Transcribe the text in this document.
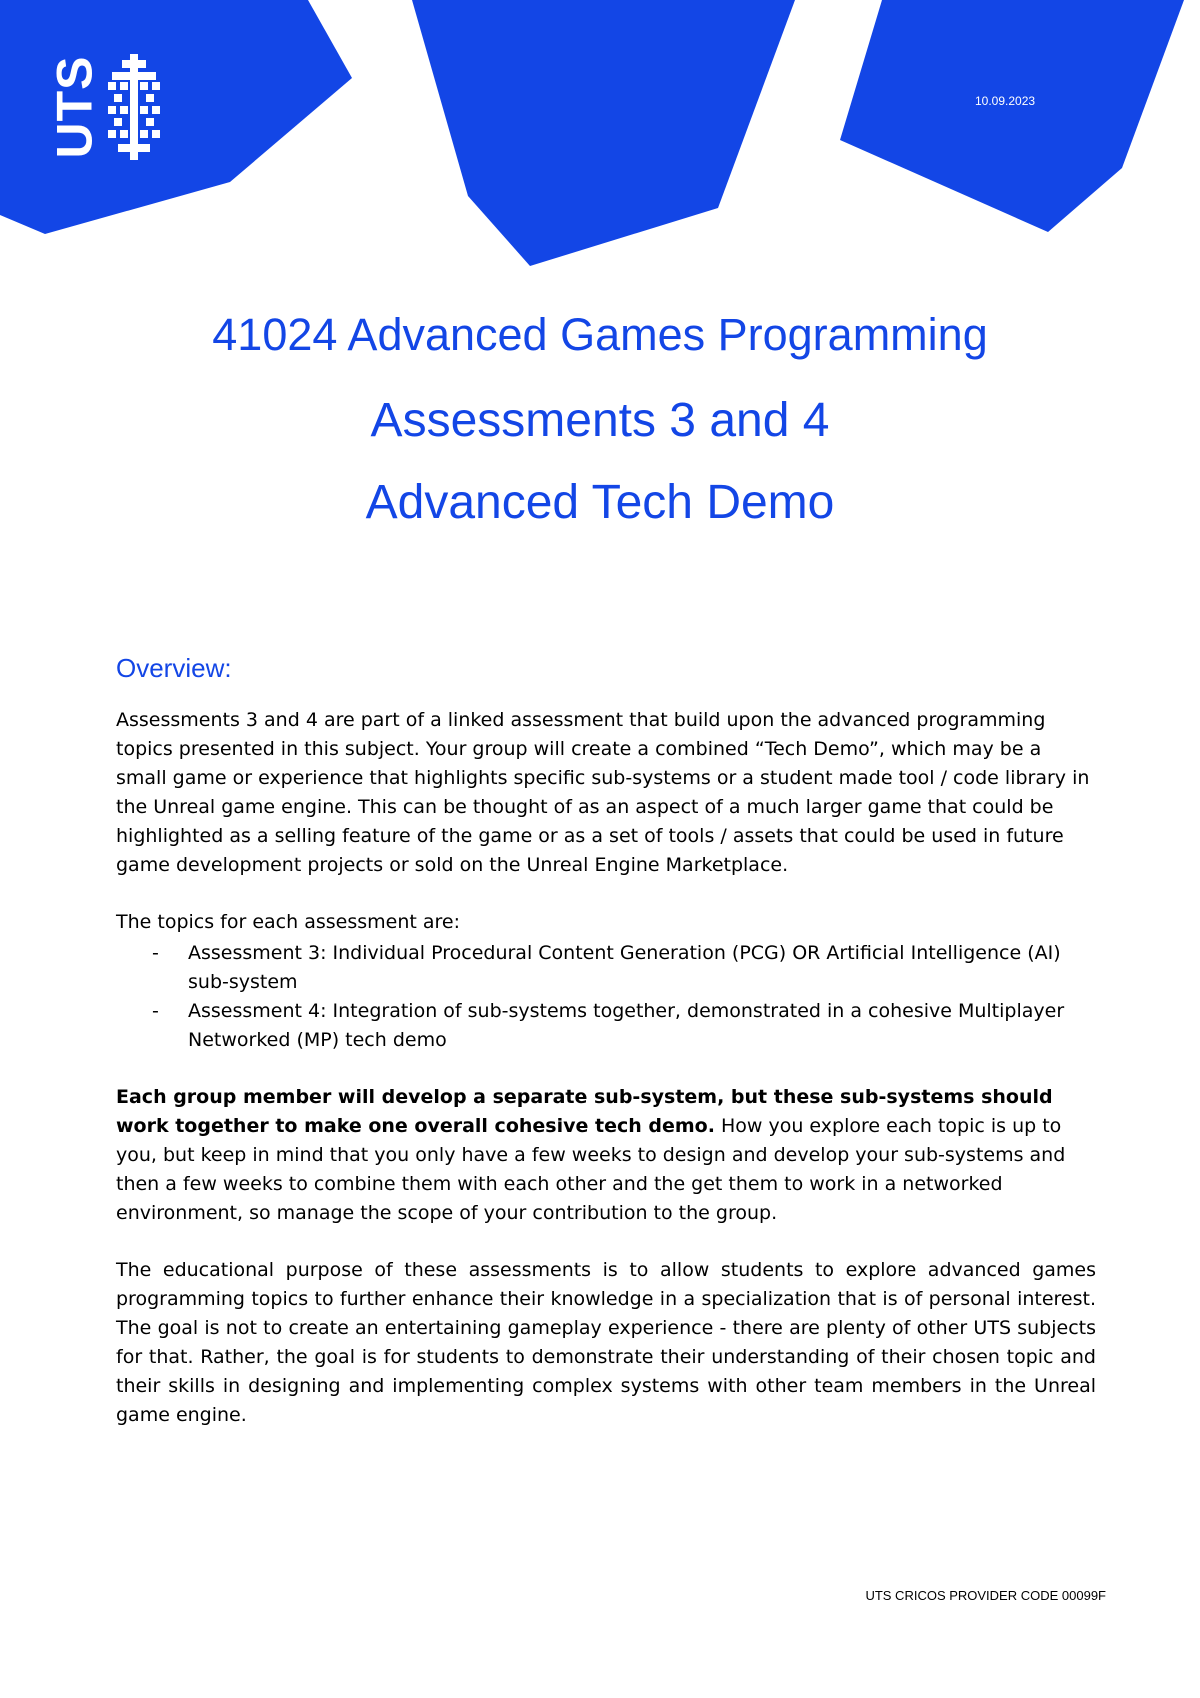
UTS	10.09.2023
41024 Advanced Games Programming
Assessments 3 and 4
Advanced Tech Demo
Overview:

Assessments 3 and 4 are part of a linked assessment that build upon the advanced programming topics presented in this subject. Your group will create a combined “Tech Demo”, which may be a small game or experience that highlights specific sub-systems or a student made tool / code library in the Unreal game engine. This can be thought of as an aspect of a much larger game that could be highlighted as a selling feature of the game or as a set of tools / assets that could be used in future game development projects or sold on the Unreal Engine Marketplace.

The topics for each assessment are:

- Assessment 3: Individual Procedural Content Generation (PCG) OR Artificial Intelligence (AI) sub-system
- Assessment 4: Integration of sub-systems together, demonstrated in a cohesive Multiplayer Networked (MP) tech demo

Each group member will develop a separate sub-system, but these sub-systems should work together to make one overall cohesive tech demo. How you explore each topic is up to you, but keep in mind that you only have a few weeks to design and develop your sub-systems and then a few weeks to combine them with each other and the get them to work in a networked environment, so manage the scope of your contribution to the group.

The educational purpose of these assessments is to allow students to explore advanced games programming topics to further enhance their knowledge in a specialization that is of personal interest. The goal is not to create an entertaining gameplay experience - there are plenty of other UTS subjects for that. Rather, the goal is for students to demonstrate their understanding of their chosen topic and their skills in designing and implementing complex systems with other team members in the Unreal game engine.

UTS CRICOS PROVIDER CODE 00099F
